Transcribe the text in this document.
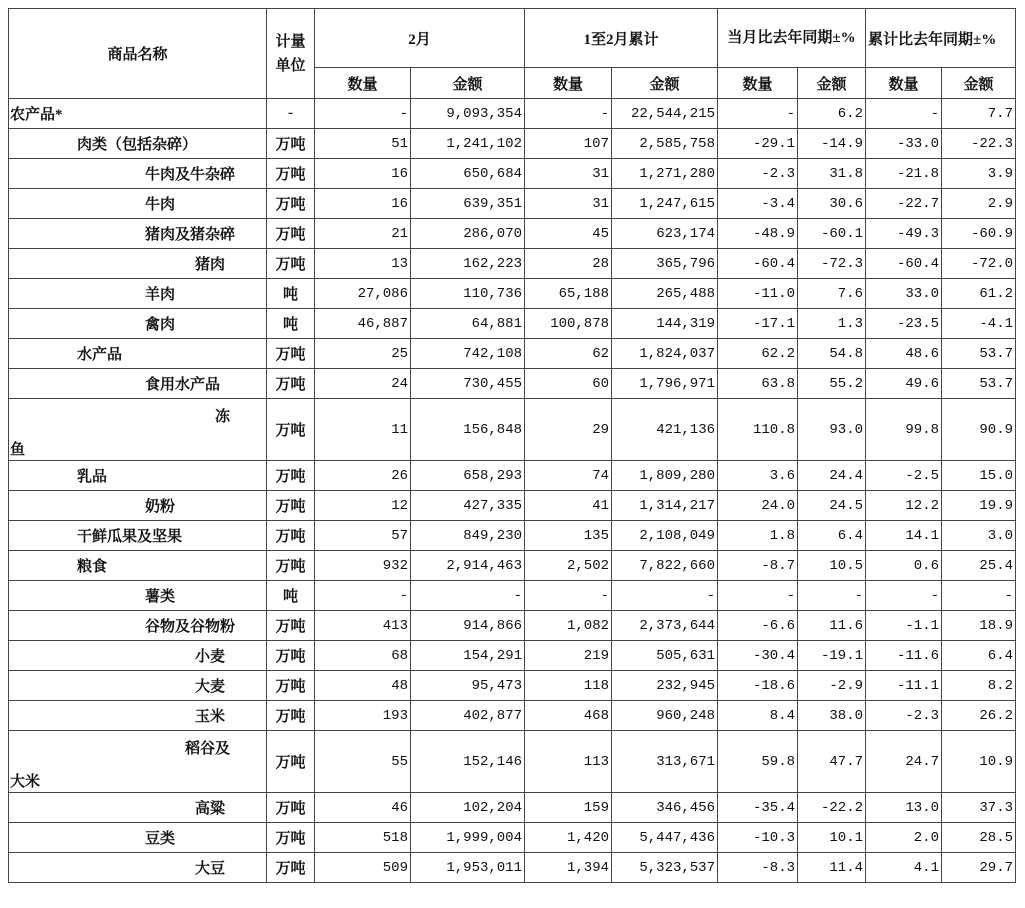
商品名称	计量单位	2月		1至2月累计		当月比去年同期±%		累计比去年同期±%	
		数量	金额	数量	金额	数量	金额	数量	金额
农产品*	-	-	9,093,354	-	22,544,215	-	6.2	-	7.7
肉类（包括杂碎）	万吨	51	1,241,102	107	2,585,758	-29.1	-14.9	-33.0	-22.3
牛肉及牛杂碎	万吨	16	650,684	31	1,271,280	-2.3	31.8	-21.8	3.9
牛肉	万吨	16	639,351	31	1,247,615	-3.4	30.6	-22.7	2.9
猪肉及猪杂碎	万吨	21	286,070	45	623,174	-48.9	-60.1	-49.3	-60.9
猪肉	万吨	13	162,223	28	365,796	-60.4	-72.3	-60.4	-72.0
羊肉	吨	27,086	110,736	65,188	265,488	-11.0	7.6	33.0	61.2
禽肉	吨	46,887	64,881	100,878	144,319	-17.1	1.3	-23.5	-4.1
水产品	万吨	25	742,108	62	1,824,037	62.2	54.8	48.6	53.7
食用水产品	万吨	24	730,455	60	1,796,971	63.8	55.2	49.6	53.7

冻
鱼	万吨	11	156,848	29	421,136	110.8	93.0	99.8	90.9
乳品	万吨	26	658,293	74	1,809,280	3.6	24.4	-2.5	15.0
奶粉	万吨	12	427,335	41	1,314,217	24.0	24.5	12.2	19.9
干鲜瓜果及坚果	万吨	57	849,230	135	2,108,049	1.8	6.4	14.1	3.0
粮食	万吨	932	2,914,463	2,502	7,822,660	-8.7	10.5	0.6	25.4
薯类	吨	-	-	-	-	-	-	-	-
谷物及谷物粉	万吨	413	914,866	1,082	2,373,644	-6.6	11.6	-1.1	18.9
小麦	万吨	68	154,291	219	505,631	-30.4	-19.1	-11.6	6.4
大麦	万吨	48	95,473	118	232,945	-18.6	-2.9	-11.1	8.2
玉米	万吨	193	402,877	468	960,248	8.4	38.0	-2.3	26.2

稻谷及
大米	万吨	55	152,146	113	313,671	59.8	47.7	24.7	10.9
高粱	万吨	46	102,204	159	346,456	-35.4	-22.2	13.0	37.3
豆类	万吨	518	1,999,004	1,420	5,447,436	-10.3	10.1	2.0	28.5
大豆	万吨	509	1,953,011	1,394	5,323,537	-8.3	11.4	4.1	29.7
